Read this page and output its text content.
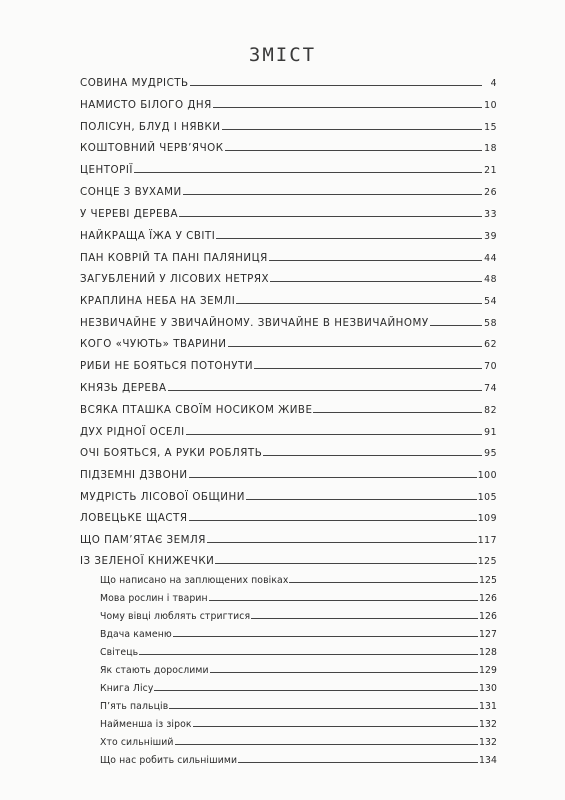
ЗМІСТ
СОВИНА МУДРІСТЬ	4
НАМИСТО БІЛОГО ДНЯ	10
ПОЛІСУН, БЛУД І НЯВКИ	15
КОШТОВНИЙ ЧЕРВ’ЯЧОК	18
ЦЕНТОРІЇ	21
СОНЦЕ З ВУХАМИ	26
У ЧЕРЕВІ ДЕРЕВА	33
НАЙКРАЩА ЇЖА У СВІТІ	39
ПАН КОВРІЙ ТА ПАНІ ПАЛЯНИЦЯ	44
ЗАГУБЛЕНИЙ У ЛІСОВИХ НЕТРЯХ	48
КРАПЛИНА НЕБА НА ЗЕМЛІ	54
НЕЗВИЧАЙНЕ У ЗВИЧАЙНОМУ. ЗВИЧАЙНЕ В НЕЗВИЧАЙНОМУ	58
КОГО «ЧУЮТЬ» ТВАРИНИ	62
РИБИ НЕ БОЯТЬСЯ ПОТОНУТИ	70
КНЯЗЬ ДЕРЕВА	74
ВСЯКА ПТАШКА СВОЇМ НОСИКОМ ЖИВЕ	82
ДУХ РІДНОЇ ОСЕЛІ	91
ОЧІ БОЯТЬСЯ, А РУКИ РОБЛЯТЬ	95
ПІДЗЕМНІ ДЗВОНИ	100
МУДРІСТЬ ЛІСОВОЇ ОБЩИНИ	105
ЛОВЕЦЬКЕ ЩАСТЯ	109
ЩО ПАМ’ЯТАЄ ЗЕМЛЯ	117
ІЗ ЗЕЛЕНОЇ КНИЖЕЧКИ	125
Що написано на заплющених повіках	125
Мова рослин і тварин	126
Чому вівці люблять стригтися	126
Вдача каменю	127
Світець	128
Як стають дорослими	129
Книга Лісу	130
П’ять пальців	131
Найменша із зірок	132
Хто сильніший	132
Що нас робить сильнішими	134
